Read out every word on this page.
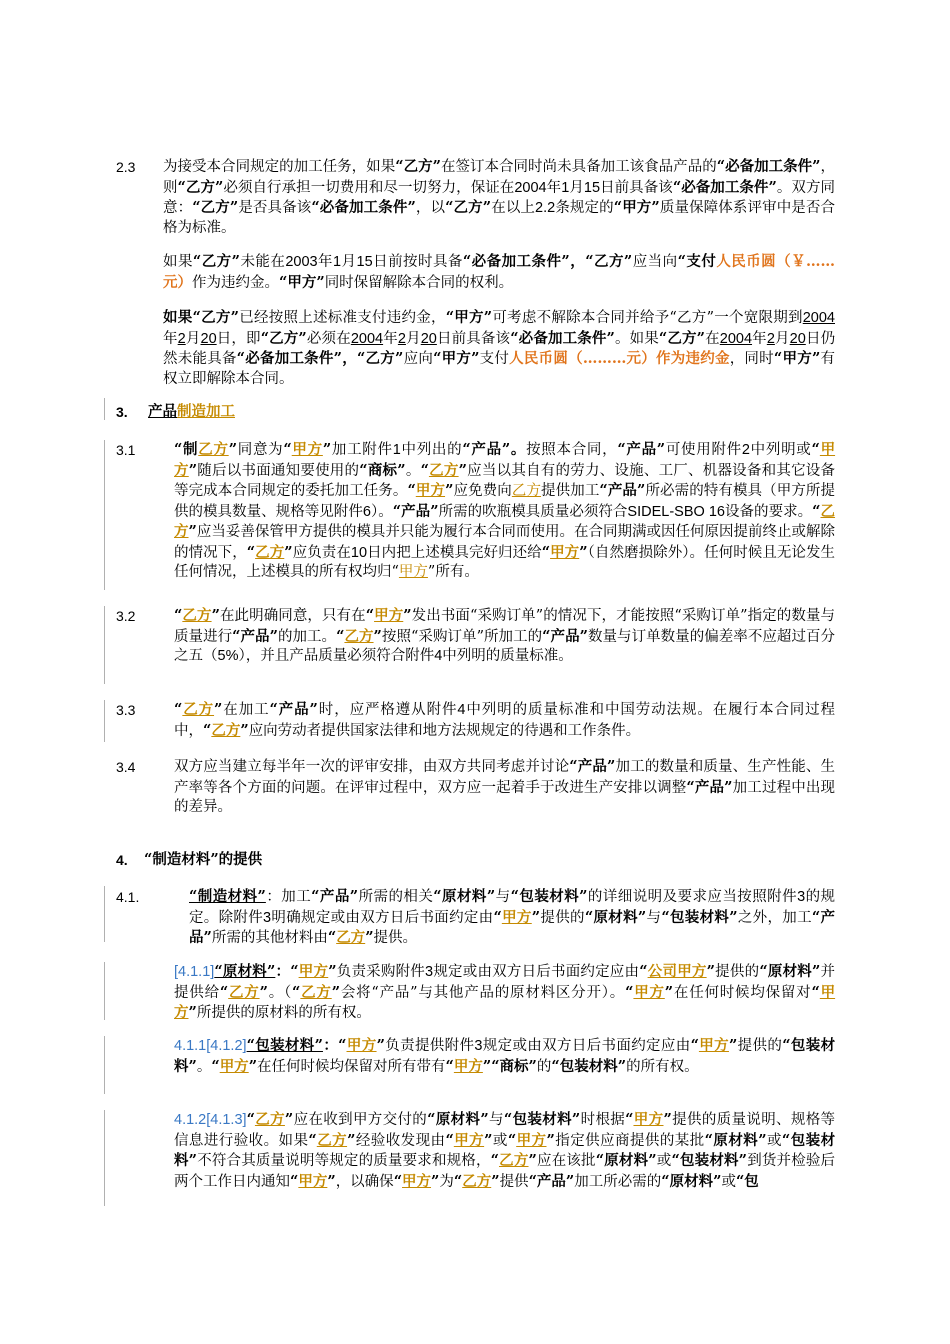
2.3 为接受本合同规定的加工任务，如果“乙方”在签订本合同时尚未具备加工该食品产品的“必备加工条件”，则“乙方”必须自行承担一切费用和尽一切努力，保证在2004年1月15日前具备该“必备加工条件”。双方同意：“乙方”是否具备该“必备加工条件”，以“乙方”在以上2.2条规定的“甲方”质量保障体系评审中是否合格为标准。
如果“乙方”未能在2003年1月15日前按时具备“必备加工条件”，“乙方”应当向“支付人民币圆（￥……元）作为违约金。“甲方”同时保留解除本合同的权利。
如果“乙方”已经按照上述标准支付违约金，“甲方”可考虑不解除本合同并给予“乙方”一个宽限期到2004年2月20日，即“乙方”必须在2004年2月20日前具备该“必备加工条件”。如果“乙方”在2004年2月20日仍然未能具备“必备加工条件”，“乙方”应向“甲方”支付人民币圆（………元）作为违约金，同时“甲方”有权立即解除本合同。
3. 产品制造加工
3.1	“制乙方”同意为“甲方”加工附件1中列出的“产品”。按照本合同，“产品”可使用附件2中列明或“甲方”随后以书面通知要使用的“商标”。“乙方”应当以其自有的劳力、设施、工厂、机器设备和其它设备等完成本合同规定的委托加工任务。“甲方”应免费向乙方提供加工“产品”所必需的特有模具（甲方所提供的模具数量、规格等见附件6）。“产品”所需的吹瓶模具质量必须符合SIDEL-SBO 16设备的要求。“乙方”应当妥善保管甲方提供的模具并只能为履行本合同而使用。在合同期满或因任何原因提前终止或解除的情况下，“乙方”应负责在10日内把上述模具完好归还给“甲方”（自然磨损除外）。任何时候且无论发生任何情况，上述模具的所有权均归“甲方”所有。
3.2	“乙方”在此明确同意，只有在“甲方”发出书面“采购订单”的情况下，才能按照“采购订单”指定的数量与质量进行“产品”的加工。“乙方”按照“采购订单”所加工的“产品”数量与订单数量的偏差率不应超过百分之五（5%），并且产品质量必须符合附件4中列明的质量标准。
3.3	“乙方”在加工“产品”时，应严格遵从附件4中列明的质量标准和中国劳动法规。在履行本合同过程中，“乙方”应向劳动者提供国家法律和地方法规规定的待遇和工作条件。
3.4	双方应当建立每半年一次的评审安排，由双方共同考虑并讨论“产品”加工的数量和质量、生产性能、生产率等各个方面的问题。在评审过程中，双方应一起着手于改进生产安排以调整“产品”加工过程中出现的差异。
4. “制造材料”的提供
4.1.	“制造材料”：加工“产品”所需的相关“原材料”与“包装材料”的详细说明及要求应当按照附件3的规定。除附件3明确规定或由双方日后书面约定由“甲方”提供的“原材料”与“包装材料”之外，加工“产品”所需的其他材料由“乙方”提供。
[4.1.1]“原材料”：“甲方”负责采购附件3规定或由双方日后书面约定应由“公司甲方”提供的“原材料”并提供给“乙方”。（“乙方”会将“产品”与其他产品的原材料区分开）。“甲方”在任何时候均保留对“甲方”所提供的原材料的所有权。
4.1.1[4.1.2]“包装材料”：“甲方”负责提供附件3规定或由双方日后书面约定应由“甲方”提供的“包装材料”。“甲方”在任何时候均保留对所有带有“甲方”“商标”的“包装材料”的所有权。
4.1.2[4.1.3]“乙方”应在收到甲方交付的“原材料”与“包装材料”时根据“甲方”提供的质量说明、规格等信息进行验收。如果“乙方”经验收发现由“甲方”或“甲方”指定供应商提供的某批“原材料”或“包装材料”不符合其质量说明等规定的质量要求和规格，“乙方”应在该批“原材料”或“包装材料”到货并检验后两个工作日内通知“甲方”，以确保“甲方”为“乙方”提供“产品”加工所必需的“原材料”或“包
